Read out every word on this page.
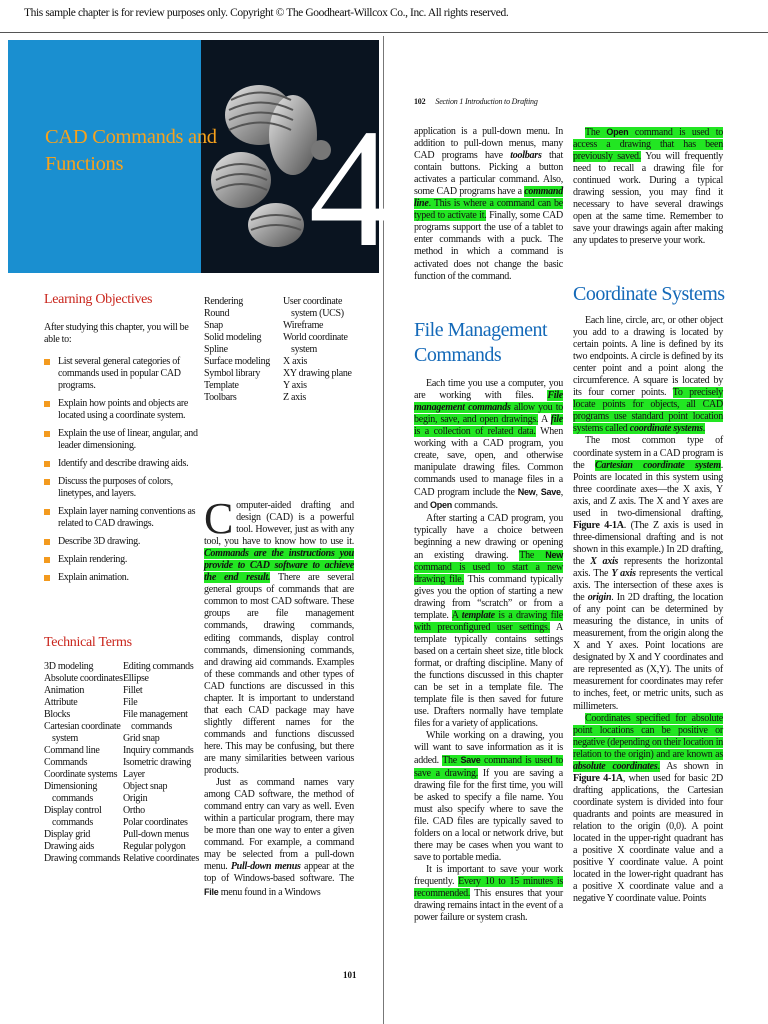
This sample chapter is for review purposes only. Copyright © The Goodheart-Willcox Co., Inc. All rights reserved.
4
CAD Commands and
Functions
Learning Objectives
After studying this chapter, you will be able to:
List several general categories of commands used in popular CAD programs.
Explain how points and objects are located using a coordinate system.
Explain the use of linear, angular, and leader dimensioning.
Identify and describe drawing aids.
Discuss the purposes of colors, linetypes, and layers.
Explain layer naming conventions as related to CAD drawings.
Describe 3D drawing.
Explain rendering.
Explain animation.
Technical Terms
3D modeling
Absolute coordinates
Animation
Attribute
Blocks
Cartesian coordinate
system
Command line
Commands
Coordinate systems
Dimensioning
commands
Display control
commands
Display grid
Drawing aids
Drawing commands
Editing commands
Ellipse
Fillet
File
File management
commands
Grid snap
Inquiry commands
Isometric drawing
Layer
Object snap
Origin
Ortho
Polar coordinates
Pull-down menus
Regular polygon
Relative coordinates
Rendering
Round
Snap
Solid modeling
Spline
Surface modeling
Symbol library
Template
Toolbars
User coordinate
system (UCS)
Wireframe
World coordinate
system
X axis
XY drawing plane
Y axis
Z axis

Computer-aided drafting and design (CAD) is a powerful tool. However, just as with any tool, you have to know how to use it. Commands are the instructions you provide to CAD software to achieve the end result. There are several general groups of commands that are common to most CAD software. These groups are file management commands, drawing commands, editing commands, display control commands, dimensioning commands, and drawing aid commands. Examples of these commands and other types of CAD functions are discussed in this chapter. It is important to understand that each CAD package may have slightly different names for the commands and functions discussed here. This may be confusing, but there are many similarities between various products.

Just as command names vary among CAD software, the method of command entry can vary as well. Even within a particular program, there may be more than one way to enter a given command. For example, a command may be selected from a pull-down menu. Pull-down menus appear at the top of Windows-based software. The File menu found in a Windows

101
102 Section 1 Introduction to Drafting

application is a pull-down menu. In addition to pull-down menus, many CAD programs have toolbars that contain buttons. Picking a button activates a particular command. Also, some CAD programs have a command line. This is where a command can be typed to activate it. Finally, some CAD programs support the use of a tablet to enter commands with a puck. The method in which a command is activated does not change the basic function of the command.

File Management
Commands

Each time you use a computer, you are working with files. File management commands allow you to begin, save, and open drawings. A file is a collection of related data. When working with a CAD program, you create, save, open, and otherwise manipulate drawing files. Common commands used to manage files in a CAD program include the New, Save, and Open commands.

After starting a CAD program, you typically have a choice between beginning a new drawing or opening an existing drawing. The New command is used to start a new drawing file. This command typically gives you the option of starting a new drawing from “scratch” or from a template. A template is a drawing file with preconfigured user settings. A template typically contains settings based on a certain sheet size, title block format, or drafting discipline. Many of the functions discussed in this chapter can be set in a template file. The template file is then saved for future use. Drafters normally have template files for a variety of applications.

While working on a drawing, you will want to save information as it is added. The Save command is used to save a drawing. If you are saving a drawing file for the first time, you will be asked to specify a file name. You must also specify where to save the file. CAD files are typically saved to folders on a local or network drive, but there may be cases when you want to save to portable media.

It is important to save your work frequently. Every 10 to 15 minutes is recommended. This ensures that your drawing remains intact in the event of a power failure or system crash.

The Open command is used to access a drawing that has been previously saved. You will frequently need to recall a drawing file for continued work. During a typical drawing session, you may find it necessary to have several drawings open at the same time. Remember to save your drawings again after making any updates to preserve your work.

Coordinate Systems

Each line, circle, arc, or other object you add to a drawing is located by certain points. A line is defined by its two endpoints. A circle is defined by its center point and a point along the circumference. A square is located by its four corner points. To precisely locate points for objects, all CAD programs use standard point location systems called coordinate systems.

The most common type of coordinate system in a CAD program is the Cartesian coordinate system. Points are located in this system using three coordinate axes—the X axis, Y axis, and Z axis. The X and Y axes are used in two-dimensional drafting, Figure 4-1A. (The Z axis is used in three-dimensional drafting and is not shown in this example.) In 2D drafting, the X axis represents the horizontal axis. The Y axis represents the vertical axis. The intersection of these axes is the origin. In 2D drafting, the location of any point can be determined by measuring the distance, in units of measurement, from the origin along the X and Y axes. Point locations are designated by X and Y coordinates and are represented as (X,Y). The units of measurement for coordinates may refer to inches, feet, or metric units, such as millimeters.

Coordinates specified for absolute point locations can be positive or negative (depending on their location in relation to the origin) and are known as absolute coordinates. As shown in Figure 4-1A, when used for basic 2D drafting applications, the Cartesian coordinate system is divided into four quadrants and points are measured in relation to the origin (0,0). A point located in the upper-right quadrant has a positive X coordinate value and a positive Y coordinate value. A point located in the lower-right quadrant has a positive X coordinate value and a negative Y coordinate value. Points
